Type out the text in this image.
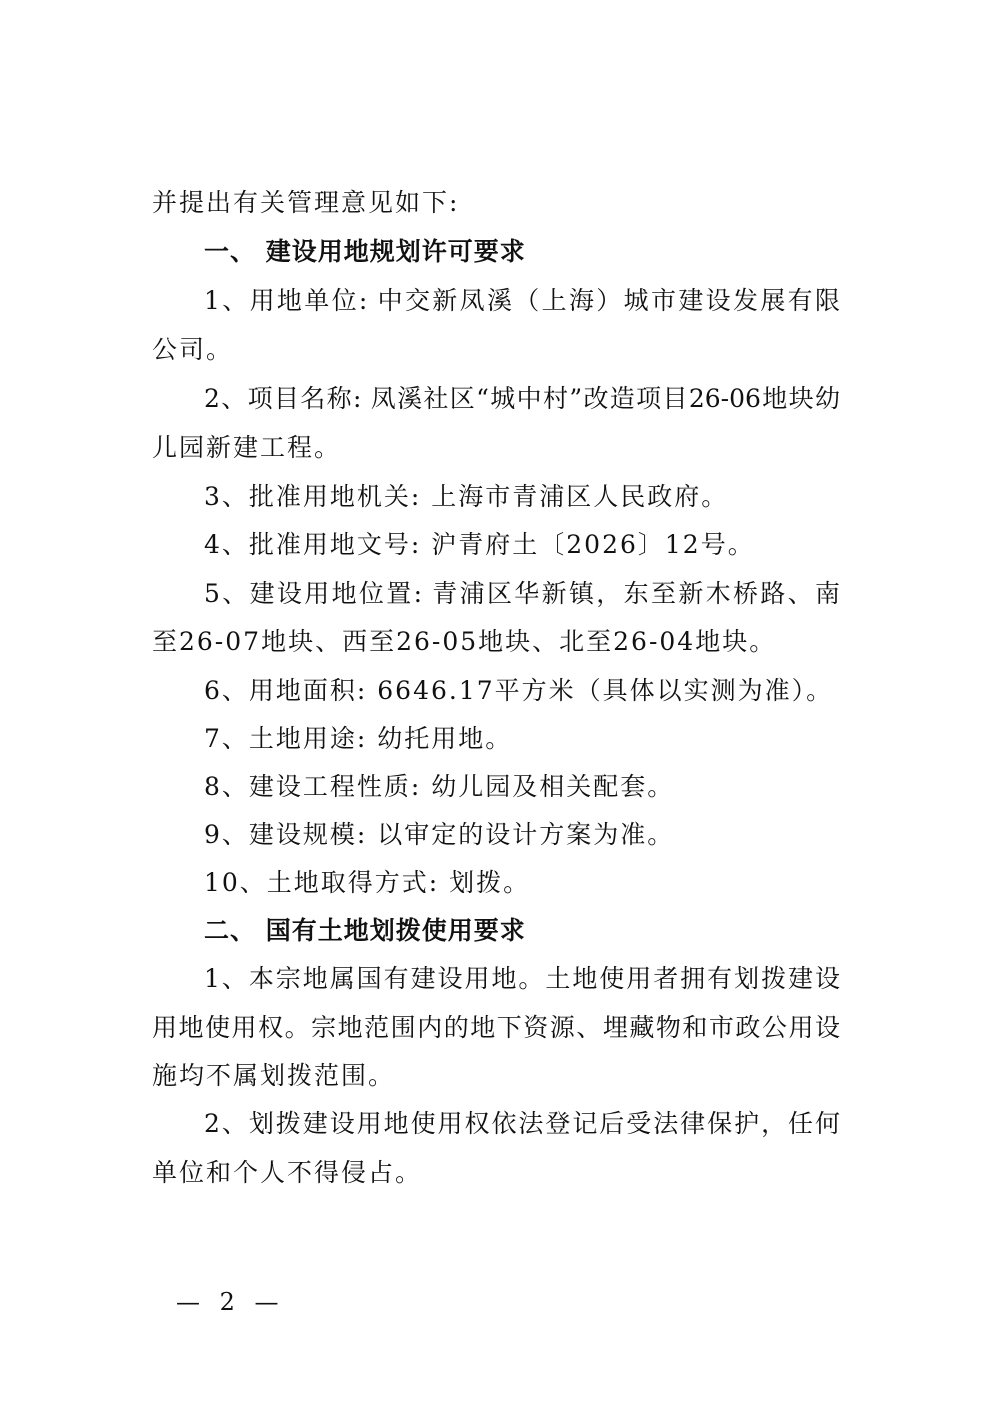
并提出有关管理意见如下:
一、 建设用地规划许可要求
1、用地单位: 中交新凤溪（上海）城市建设发展有限
公司。
2、项目名称: 凤溪社区“城中村”改造项目26-06地块幼
儿园新建工程。
3、批准用地机关: 上海市青浦区人民政府。
4、批准用地文号: 沪青府土〔2026〕12号。
5、建设用地位置: 青浦区华新镇，东至新木桥路、南
至26-07地块、西至26-05地块、北至26-04地块。
6、用地面积: 6646.17平方米（具体以实测为准）。
7、土地用途: 幼托用地。
8、建设工程性质: 幼儿园及相关配套。
9、建设规模: 以审定的设计方案为准。
10、土地取得方式: 划拨。
二、 国有土地划拨使用要求
1、本宗地属国有建设用地。土地使用者拥有划拨建设
用地使用权。宗地范围内的地下资源、埋藏物和市政公用设
施均不属划拨范围。
2、划拨建设用地使用权依法登记后受法律保护，任何
单位和个人不得侵占。
— 2 —
